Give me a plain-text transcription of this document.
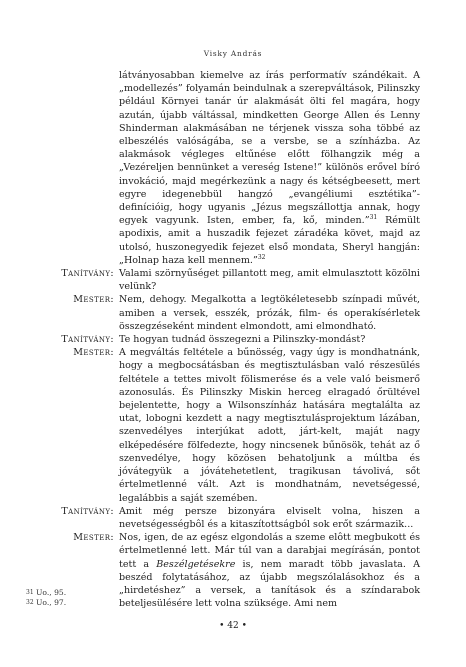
Visky András

látványosabban kiemelve az írás performatív szándékait. A „modellezés” folyamán beindulnak a szerepváltások, Pilinszky például Környei tanár úr alakmását ölti fel magára, hogy azután, újabb váltással, mindketten George Allen és Lenny Shinderman alakmásában ne térjenek vissza soha többé az elbeszélés valóságába, se a versbe, se a színházba. Az alakmások végleges eltűnése előtt fölhangzik még a „Vezéreljen bennünket a vereség Istene!” különös erővel bíró invokáció, majd megérkezünk a nagy és kétségbeesett, mert egyre idegenebbül hangzó „evangéliumi esztétika”-definícióig, hogy ugyanis „Jézus megszállottja annak, hogy egyek vagyunk. Isten, ember, fa, kő, minden.”$^{31}$ Rémült apodixis, amit a huszadik fejezet záradéka követ, majd az utolsó, huszonegyedik fejezet első mondata, Sheryl hangján: „Holnap haza kell mennem.”$^{32}$

Tanítvány: Valami szörnyűséget pillantott meg, amit elmulasztott közölni velünk?

Mester: Nem, dehogy. Megalkotta a legtökéletesebb színpadi művét, amiben a versek, esszék, prózák, film- és operakísérletek összegzéseként mindent elmondott, ami elmondható.

Tanítvány: Te hogyan tudnád összegezni a Pilinszky-mondást?

Mester: A megváltás feltétele a bűnösség, vagy úgy is mondhatnánk, hogy a megbocsátásban és megtisztulásban való részesülés feltétele a tettes mivolt fölismerése és a vele való beismerő azonosulás. És Pilinszky Miskin herceg elragadó őrültével bejelentette, hogy a Wilsonszínház hatására megtalálta az utat, lobogni kezdett a nagy megtisztulásprojektum lázában, szenvedélyes interjúkat adott, járt-kelt, maját nagy elképedésére fölfedezte, hogy nincsenek bűnösök, tehát az ő szenvedélye, hogy közösen behatoljunk a múltba és jóvátegyük a jóvátehetetlent, tragikusan távolivá, sőt értelmetlenné vált. Azt is mondhatnám, nevetségessé, legalábbis a saját szemében.

Tanítvány: Amit még persze bizonyára elviselt volna, hiszen a nevetségességbôl és a kitaszítottságból sok erőt származik...

Mester: Nos, igen, de az egész elgondolás a szeme elôtt megbukott és értelmetlenné lett. Már túl van a darabjai megírásán, pontot tett a Beszélgetésekre is, nem maradt több javaslata. A beszéd folytatásához, az újabb megszólalásokhoz és a „hirdetéshez” a versek, a tanítások és a színdarabok beteljesülésére lett volna szüksége. Ami nem

31 Uo., 95.
32 Uo., 97.
• 42 •
